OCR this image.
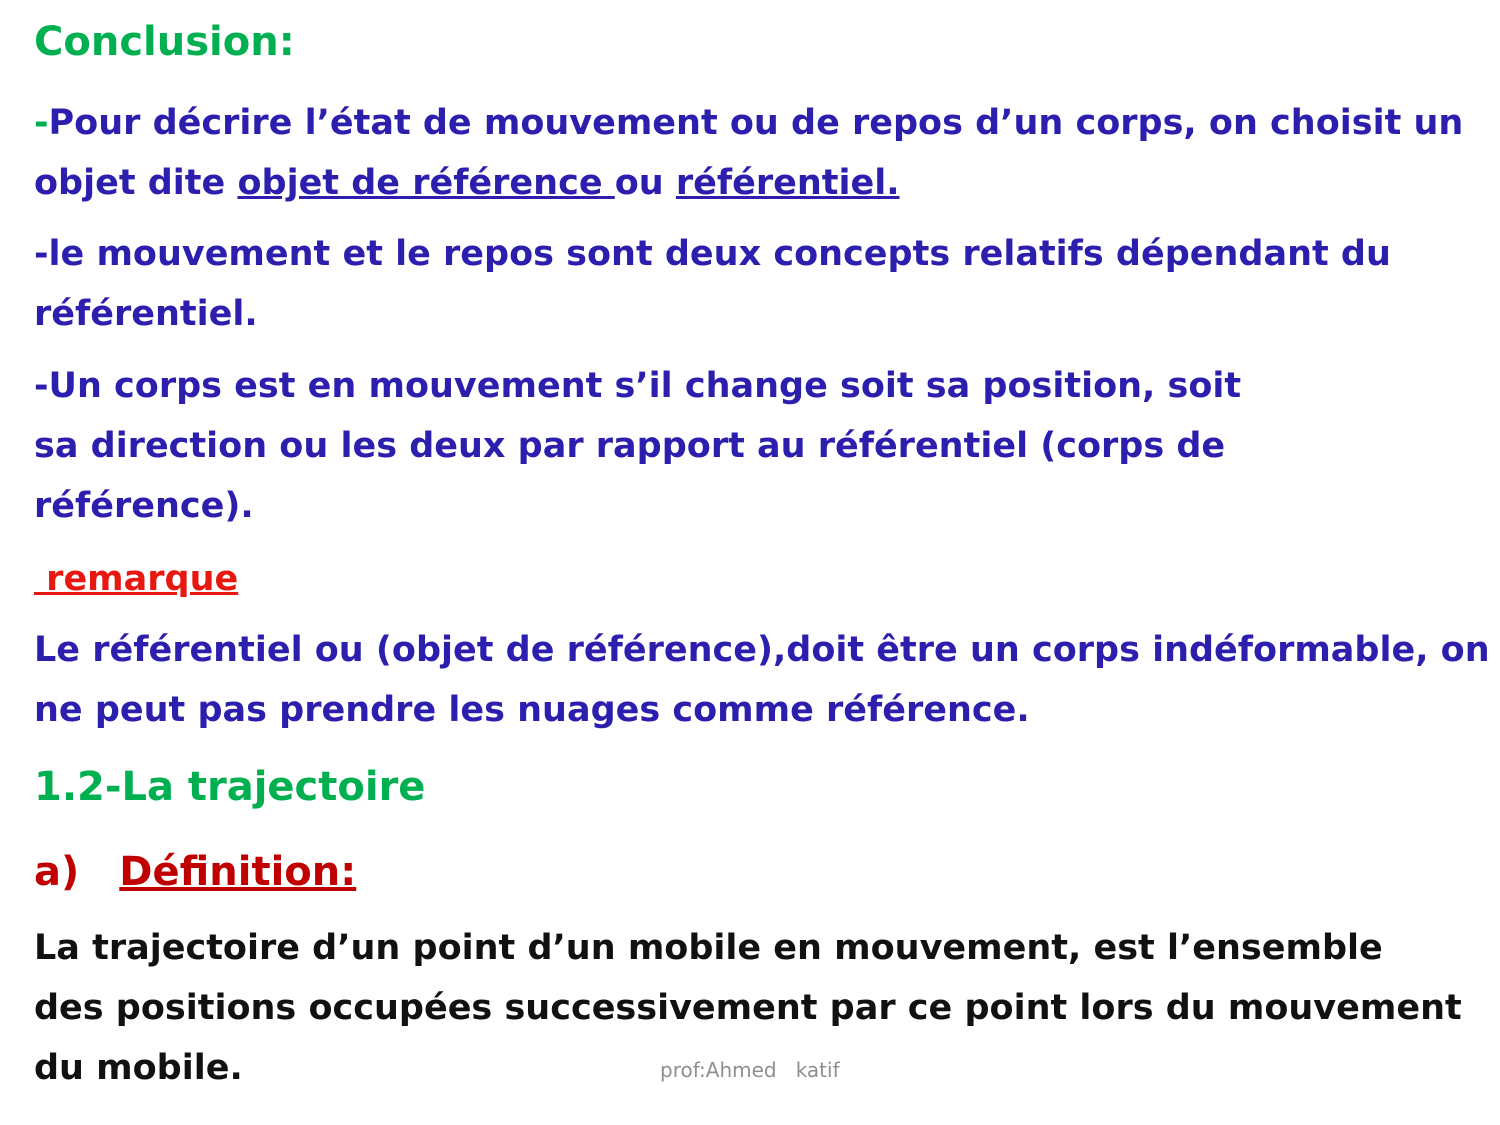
Conclusion:
-Pour décrire l’état de mouvement ou de repos d’un corps, on choisit un objet dite objet de référence ou référentiel.
-le mouvement et le repos sont deux concepts relatifs dépendant du référentiel.
-Un corps est en mouvement s’il change soit sa position, soit sa direction ou les deux par rapport au référentiel (corps de référence).
remarque
Le référentiel ou (objet de référence),doit être un corps indéformable, on ne peut pas prendre les nuages comme référence.
1.2-La trajectoire
a) Définition:
La trajectoire d’un point d’un mobile en mouvement, est l’ensemble des positions occupées successivement par ce point lors du mouvement du mobile.	prof:Ahmed   katif
